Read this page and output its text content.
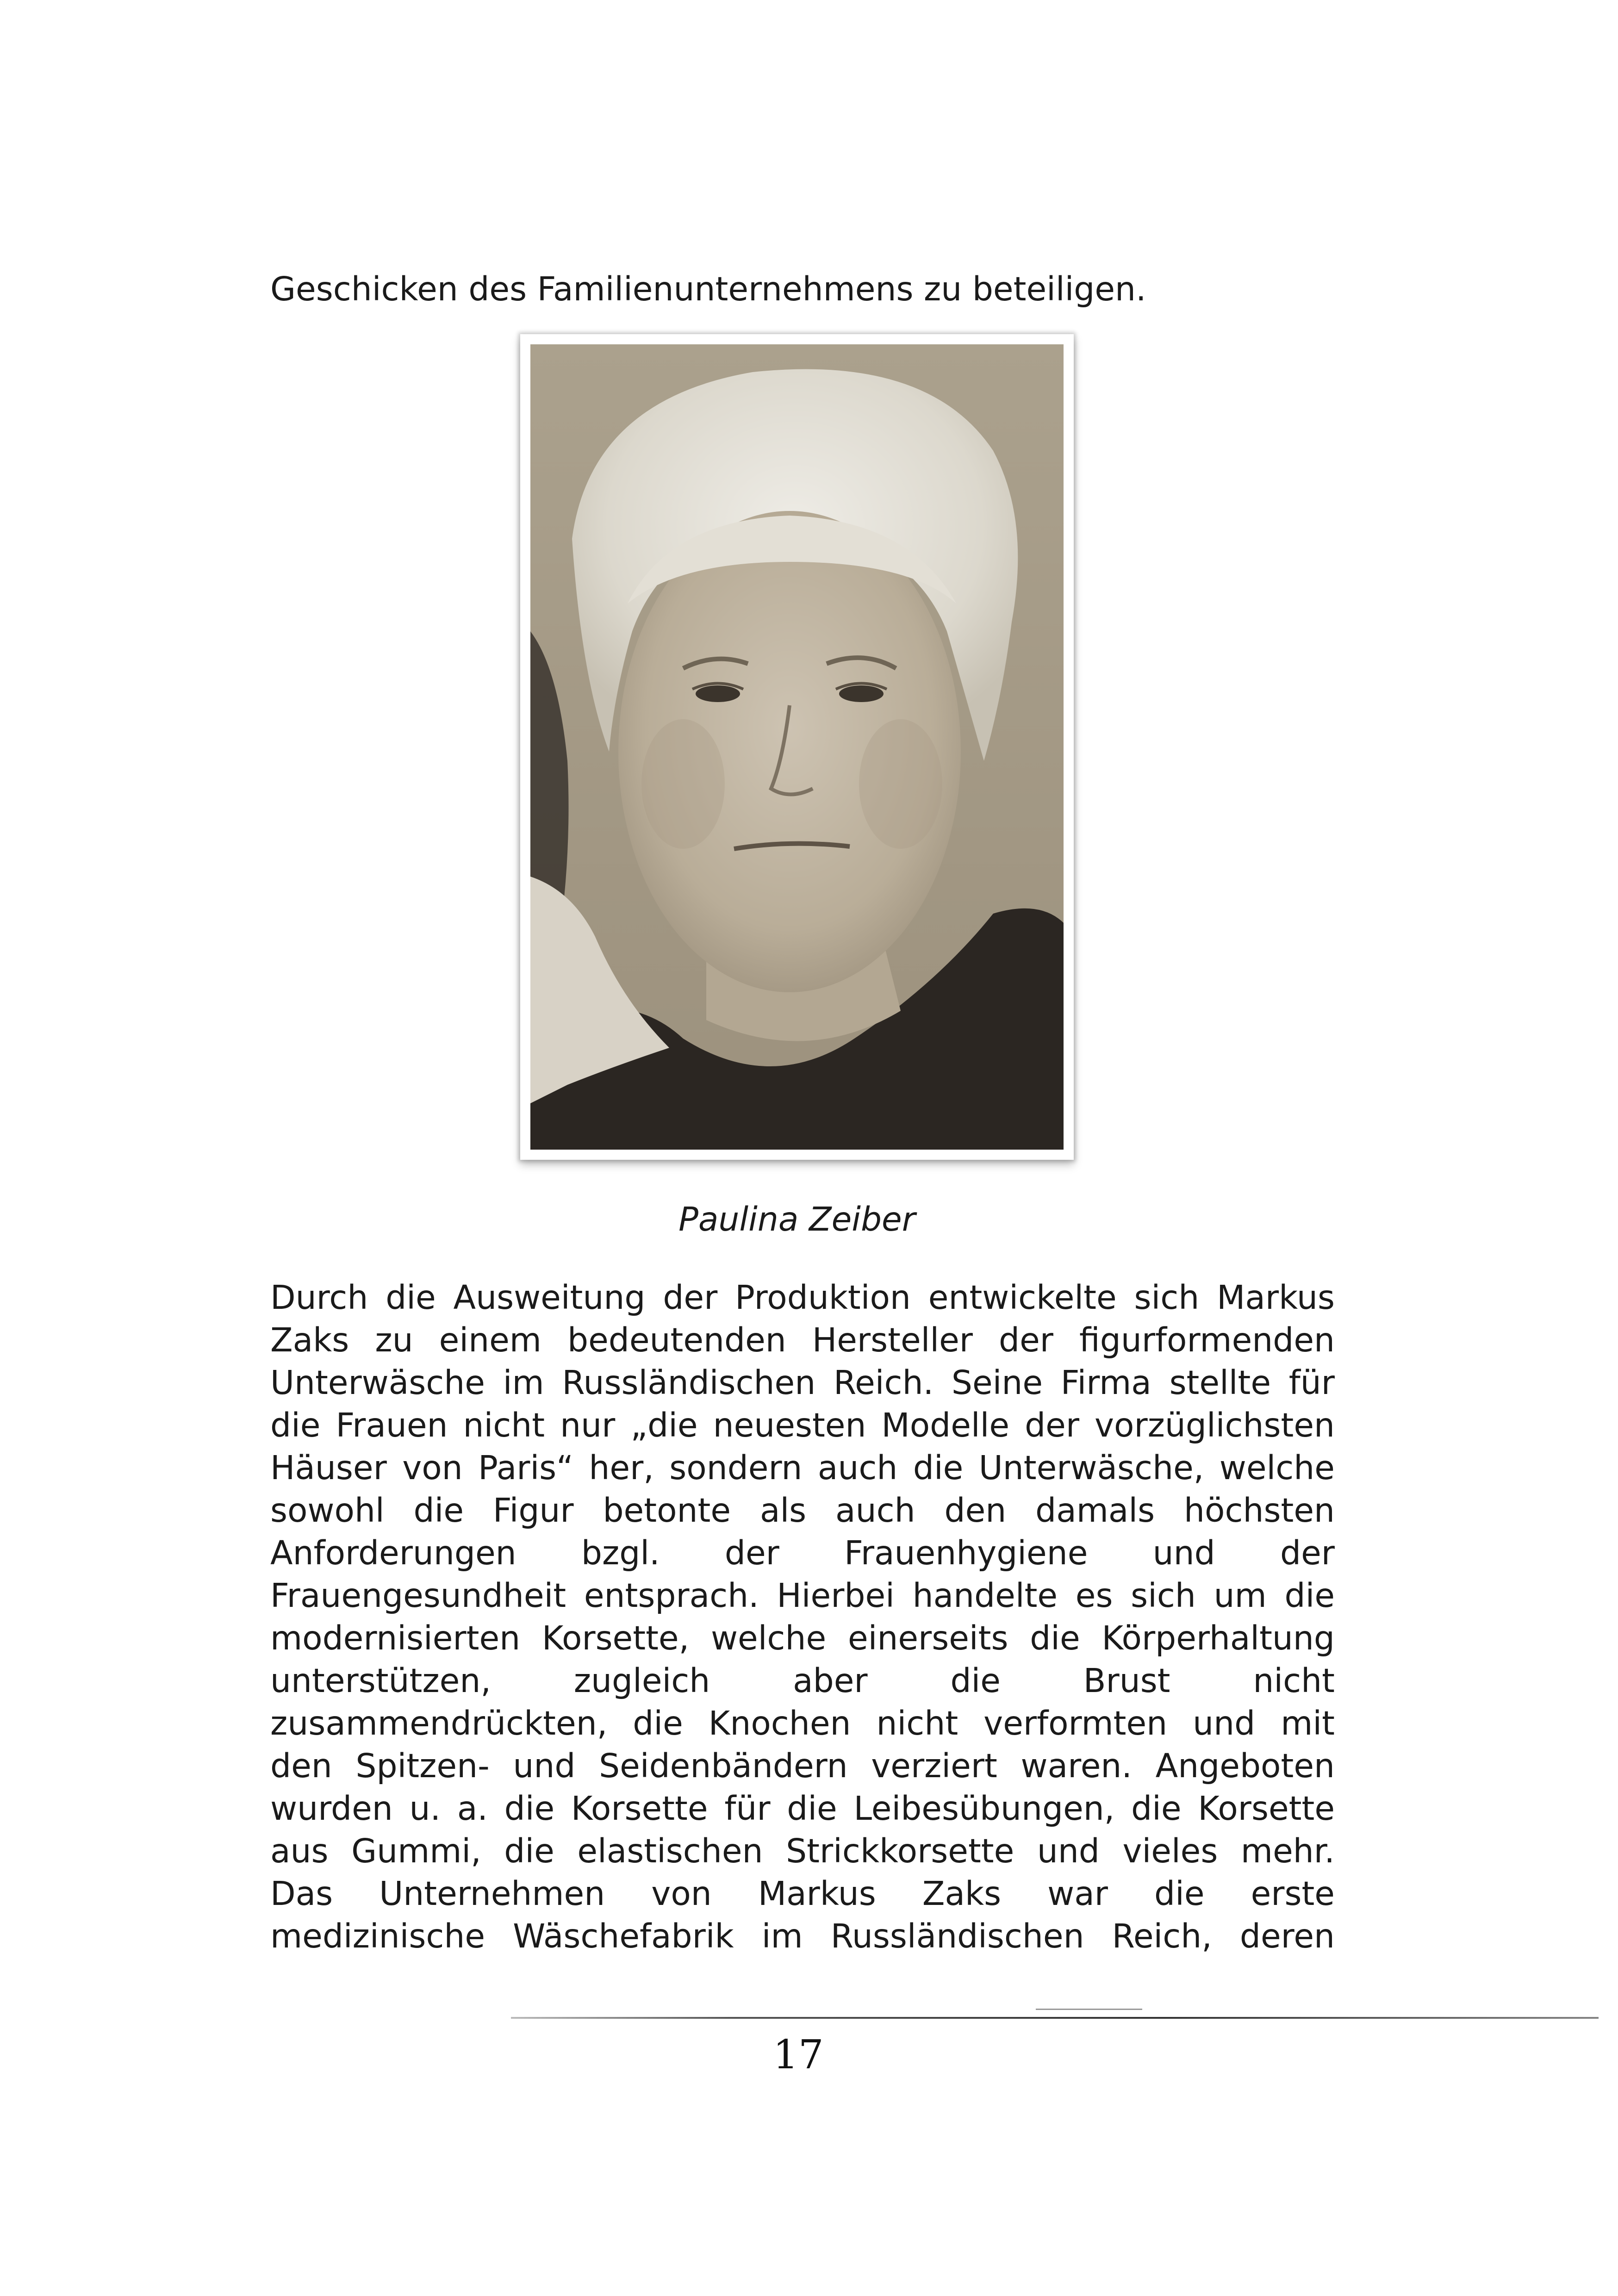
Geschicken des Familienunternehmens zu beteiligen.
Paulina Zeiber
Durch die Ausweitung der Produktion entwickelte sich Markus
Zaks zu einem bedeutenden Hersteller der figurformenden
Unterwäsche im Russländischen Reich. Seine Firma stellte für
die Frauen nicht nur „die neuesten Modelle der vorzüglichsten
Häuser von Paris“ her, sondern auch die Unterwäsche, welche
sowohl die Figur betonte als auch den damals höchsten
Anforderungen bzgl. der Frauenhygiene und der
Frauengesundheit entsprach. Hierbei handelte es sich um die
modernisierten Korsette, welche einerseits die Körperhaltung
unterstützen, zugleich aber die Brust nicht
zusammendrückten, die Knochen nicht verformten und mit
den Spitzen- und Seidenbändern verziert waren. Angeboten
wurden u. a. die Korsette für die Leibesübungen, die Korsette
aus Gummi, die elastischen Strickkorsette und vieles mehr.
Das Unternehmen von Markus Zaks war die erste
medizinische Wäschefabrik im Russländischen Reich, deren
17
